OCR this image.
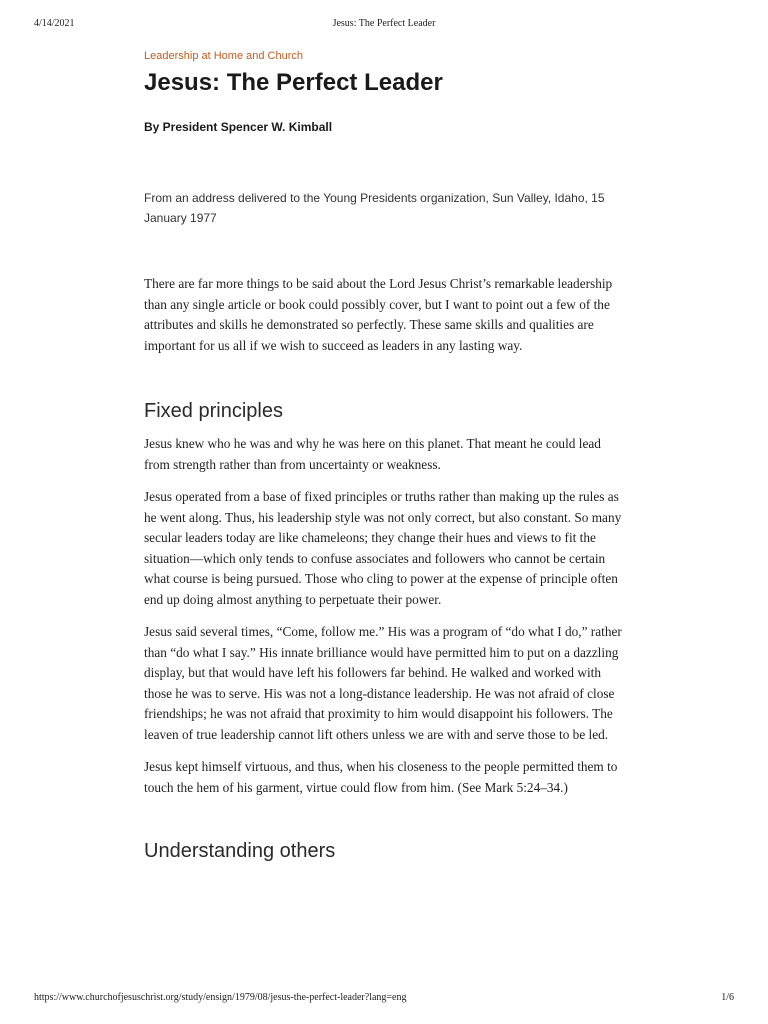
4/14/2021	Jesus: The Perfect Leader
Leadership at Home and Church
Jesus: The Perfect Leader
By President Spencer W. Kimball
From an address delivered to the Young Presidents organization, Sun Valley, Idaho, 15 January 1977

There are far more things to be said about the Lord Jesus Christ’s remarkable leadership than any single article or book could possibly cover, but I want to point out a few of the attributes and skills he demonstrated so perfectly. These same skills and qualities are important for us all if we wish to succeed as leaders in any lasting way.

Fixed principles

Jesus knew who he was and why he was here on this planet. That meant he could lead from strength rather than from uncertainty or weakness.

Jesus operated from a base of fixed principles or truths rather than making up the rules as he went along. Thus, his leadership style was not only correct, but also constant. So many secular leaders today are like chameleons; they change their hues and views to fit the situation—which only tends to confuse associates and followers who cannot be certain what course is being pursued. Those who cling to power at the expense of principle often end up doing almost anything to perpetuate their power.

Jesus said several times, “Come, follow me.” His was a program of “do what I do,” rather than “do what I say.” His innate brilliance would have permitted him to put on a dazzling display, but that would have left his followers far behind. He walked and worked with those he was to serve. His was not a long-distance leadership. He was not afraid of close friendships; he was not afraid that proximity to him would disappoint his followers. The leaven of true leadership cannot lift others unless we are with and serve those to be led.

Jesus kept himself virtuous, and thus, when his closeness to the people permitted them to touch the hem of his garment, virtue could flow from him. (See Mark 5:24–34.)

Understanding others
https://www.churchofjesuschrist.org/study/ensign/1979/08/jesus-the-perfect-leader?lang=eng	1/6
